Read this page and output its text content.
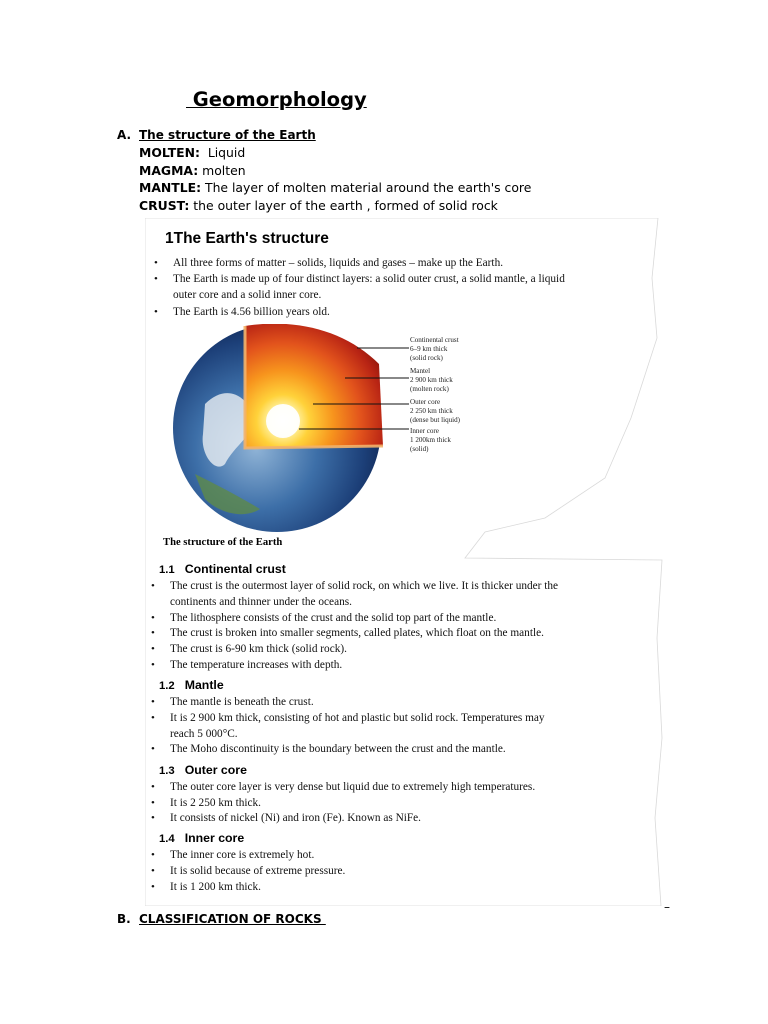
Geomorphology
A. The structure of the Earth
MOLTEN:  Liquid
MAGMA: molten
MANTLE: The layer of molten material around the earth's core
CRUST: the outer layer of the earth , formed of solid rock
1The Earth's structure
• All three forms of matter – solids, liquids and gases – make up the Earth.
• The Earth is made up of four distinct layers: a solid outer crust, a solid mantle, a liquid
outer core and a solid inner core.
• The Earth is 4.56 billion years old.
Continental crust
6–9 km thick
(solid rock)
Mantel
2 900 km thick
(molten rock)
Outer core
2 250 km thick
(dense but liquid)
Inner core
1 200km thick
(solid)
The structure of the Earth
1.1 Continental crust
• The crust is the outermost layer of solid rock, on which we live. It is thicker under the
continents and thinner under the oceans.
• The lithosphere consists of the crust and the solid top part of the mantle.
• The crust is broken into smaller segments, called plates, which float on the mantle.
• The crust is 6-90 km thick (solid rock).
• The temperature increases with depth.
1.2 Mantle
• The mantle is beneath the crust.
• It is 2 900 km thick, consisting of hot and plastic but solid rock. Temperatures may
reach 5 000°C.
• The Moho discontinuity is the boundary between the crust and the mantle.
1.3 Outer core
• The outer core layer is very dense but liquid due to extremely high temperatures.
• It is 2 250 km thick.
• It consists of nickel (Ni) and iron (Fe). Known as NiFe.
1.4 Inner core
• The inner core is extremely hot.
• It is solid because of extreme pressure.
• It is 1 200 km thick.
–
B. CLASSIFICATION OF ROCKS
